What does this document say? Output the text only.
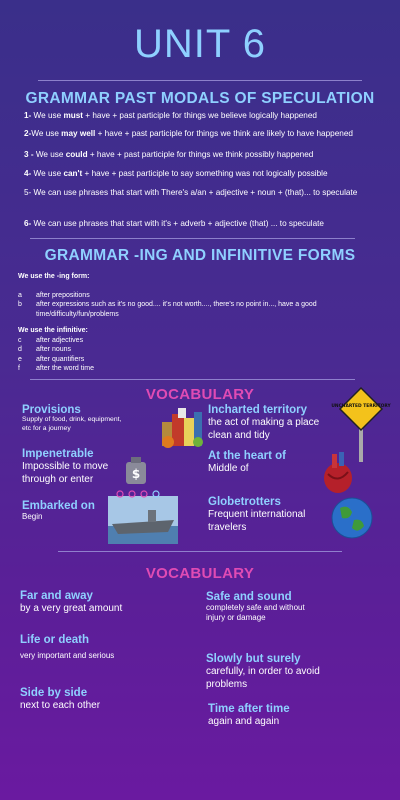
UNIT 6
GRAMMAR PAST MODALS OF SPECULATION
1- We use must + have + past participle for things we believe logically happened
2-We use may well + have + past participle for things we think are likely to have happened
3 - We use could + have + past participle for things we think possibly happened
4- We use can't + have + past participle to say something was not logically possible
5- We can use phrases that start with There's a/an + adjective + noun + (that)... to speculate
6- We can use phrases that start with it's + adverb + adjective (that) ... to speculate
GRAMMAR -ING AND INFINITIVE FORMS
We use the -ing form:
a	after prepositions
b	after expressions such as it's no good.... it's not worth...., there's no point in..., have a good time/difficulty/fun/problems
We use the infinitive:
c	after adjectives
d	after nouns
e	after quantifiers
f	after the word time
VOCABULARY
Provisions
Supply of food, drink, equipment, etc for a journey
Incharted territory
the act of making a place clean and tidy
UNCHARTED TERRITORY
Impenetrable
Impossible to move through or enter	$
At the heart of
Middle of
Embarked on
Begin
Globetrotters
Frequent international travelers
VOCABULARY
Far and away
by a very great amount
Safe and sound
completely safe and without injury or damage
Life or death
very important and serious	Slowly but surely
carefully, in order to avoid problems
Side by side
next to each other	Time after time
again and again
